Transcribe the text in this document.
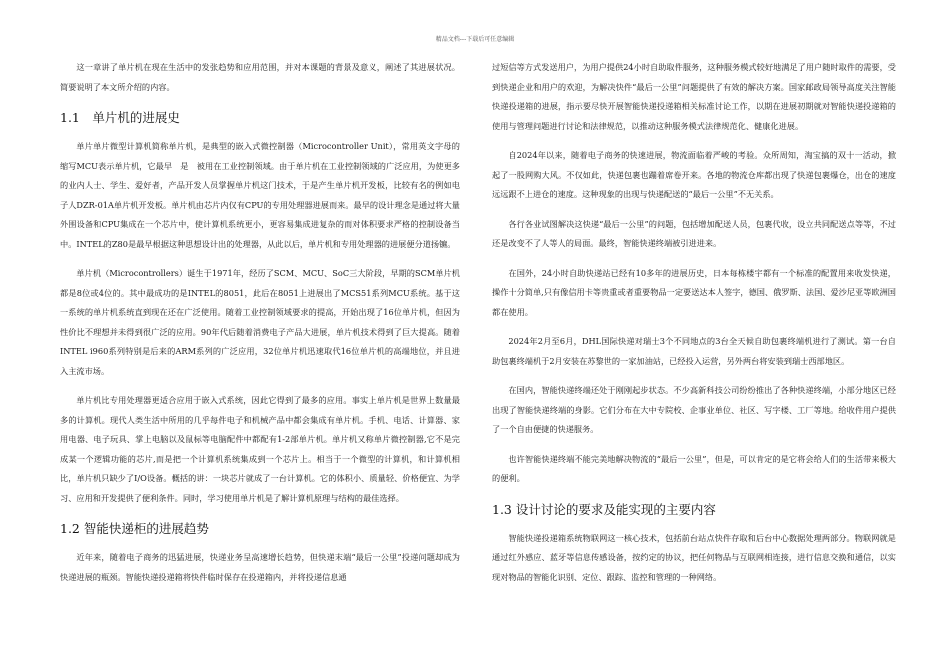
精品文档---下载后可任意编辑

这一章讲了单片机在现在生活中的发张趋势和应用范围，并对本课题的背景及意义，阐述了其进展状况。简要说明了本文所介绍的内容。

1.1　单片机的进展史

单片单片微型计算机简称单片机，是典型的嵌入式微控制器（Microcontroller Unit），常用英文字母的缩写MCU表示单片机，它最早　是　被用在工业控制领域。由于单片机在工业控制领域的广泛应用，为使更多的业内人士、学生、爱好者，产品开发人员掌握单片机这门技术，于是产生单片机开发板，比较有名的例如电子人DZR-01A单片机开发板。单片机由芯片内仅有CPU的专用处理器进展而来。最早的设计理念是通过将大量外围设备和CPU集成在一个芯片中，使计算机系统更小，更容易集成进复杂的而对体积要求严格的控制设备当中。INTEL的Z80是最早根据这种思想设计出的处理器，从此以后，单片机和专用处理器的进展便分道扬镳。

单片机（Microcontrollers）诞生于1971年，经历了SCM、MCU、SoC三大阶段，早期的SCM单片机都是8位或4位的。其中最成功的是INTEL的8051，此后在8051上进展出了MCS51系列MCU系统。基于这一系统的单片机系统直到现在还在广泛使用。随着工业控制领域要求的提高，开始出现了16位单片机，但因为性价比不理想并未得到很广泛的应用。90年代后随着消费电子产品大进展，单片机技术得到了巨大提高。随着INTEL i960系列特别是后来的ARM系列的广泛应用，32位单片机迅速取代16位单片机的高端地位，并且进入主流市场。

单片机比专用处理器更适合应用于嵌入式系统，因此它得到了最多的应用。事实上单片机是世界上数量最多的计算机。现代人类生活中所用的几乎每件电子和机械产品中都会集成有单片机。手机、电话、计算器、家用电器、电子玩具、掌上电脑以及鼠标等电脑配件中都配有1-2部单片机。单片机又称单片微控制器,它不是完成某一个逻辑功能的芯片,而是把一个计算机系统集成到一个芯片上。相当于一个微型的计算机，和计算机相比，单片机只缺少了I/O设备。概括的讲：一块芯片就成了一台计算机。它的体积小、质量轻、价格便宜、为学习、应用和开发提供了便利条件。同时，学习使用单片机是了解计算机原理与结构的最佳选择。

1.2 智能快递柜的进展趋势

近年来，随着电子商务的迅猛进展，快递业务呈高速增长趋势，但快递末端“最后一公里”投递问题却成为快递进展的瓶颈。智能快递投递箱将快件临时保存在投递箱内，并将投递信息通

过短信等方式发送用户，为用户提供24小时自助取件服务，这种服务模式较好地满足了用户随时取件的需要，受到快递企业和用户的欢迎，为解决快件“最后一公里”问题提供了有效的解决方案。国家邮政局领导高度关注智能快递投递箱的进展，指示要尽快开展智能快递投递箱相关标准讨论工作，以期在进展初期就对智能快递投递箱的使用与管理问题进行讨论和法律规范，以推动这种服务模式法律规范化、健康化进展。

自2024年以来，随着电子商务的快速进展，物流面临着严峻的考验。众所周知，淘宝搞的双十一活动，掀起了一股网购大风。不仅如此，快递包裹也蹦着席卷开来。各地的物流仓库都出现了快递包裹爆仓，出仓的速度远远跟不上进仓的速度。这种现象的出现与快递配送的“最后一公里”不无关系。

各行各业试图解决这快递“最后一公里”的问题，包括增加配送人员，包裹代收，设立共同配送点等等，不过还是改变不了人等人的局面。最终，智能快递终端被引进进来。

在国外，24小时自助快递站已经有10多年的进展历史，日本每栋楼宇都有一个标准的配置用来收发快递，操作十分简单,只有像信用卡等贵重或者重要物品一定要送达本人签字，德国、俄罗斯、法国、爱沙尼亚等欧洲国都在使用。

2024年2月至6月，DHL国际快递对瑞士3个不同地点的3台全天候自助包裹终端机进行了测试。第一台自助包裹终端机于2月安装在苏黎世的一家加油站，已经投入运营，另外两台将安装到瑞士西部地区。

在国内，智能快递终端还处于刚刚起步状态。不少高新科技公司纷纷推出了各种快递终端，小部分地区已经出现了智能快递终端的身影。它们分布在大中专院校、企事业单位、社区、写字楼、工厂等地。给收件用户提供了一个自由便捷的快递服务。

也许智能快递终端不能完美地解决物流的“最后一公里”，但是，可以肯定的是它将会给人们的生活带来极大的便利。

1.3 设计讨论的要求及能实现的主要内容

智能快递投递箱系统物联网这一核心技术，包括前台站点快件存取和后台中心数据处理两部分。物联网就是通过红外感应、蓝牙等信息传感设备，按约定的协议，把任何物品与互联网相连接，进行信息交换和通信，以实现对物品的智能化识别、定位、跟踪、监控和管理的一种网络。
